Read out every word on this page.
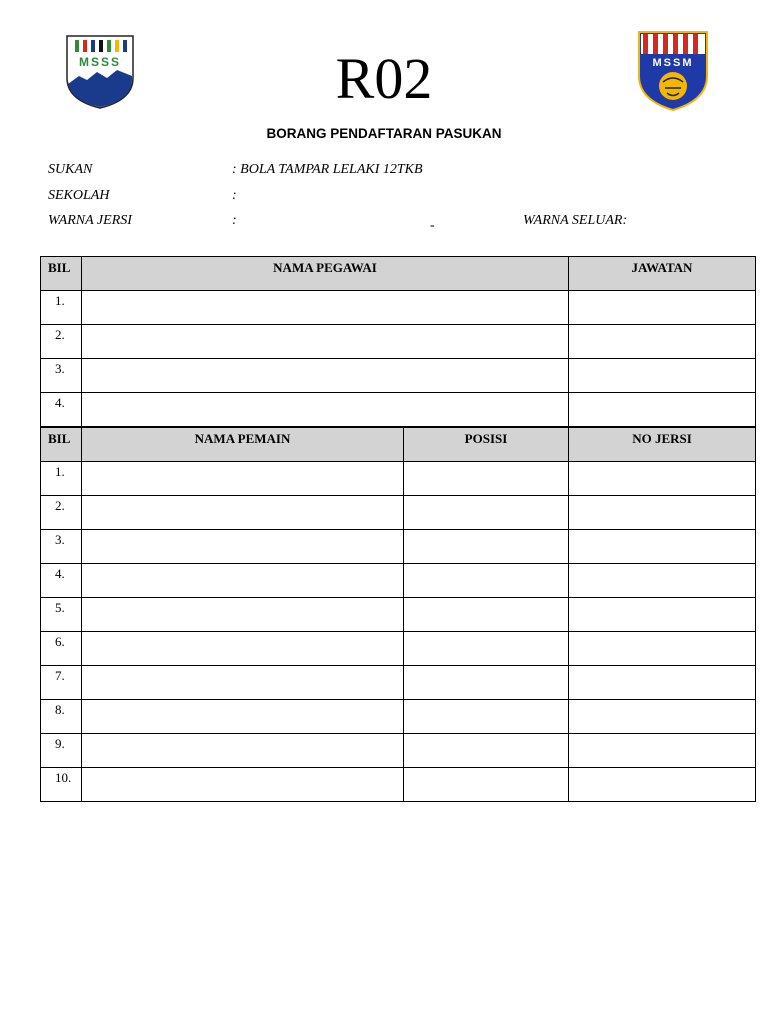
MSSS	R02	MSSM
BORANG PENDAFTARAN PASUKAN
SUKAN	: BOLA TAMPAR LELAKI 12TKB
SEKOLAH	:
WARNA JERSI	:	-	WARNA SELUAR:
BIL	NAMA PEGAWAI	JAWATAN
1.		
2.		
3.		
4.		
BIL	NAMA PEMAIN	POSISI	NO JERSI
1.			
2.			
3.			
4.			
5.			
6.			
7.			
8.			
9.			
10.			
